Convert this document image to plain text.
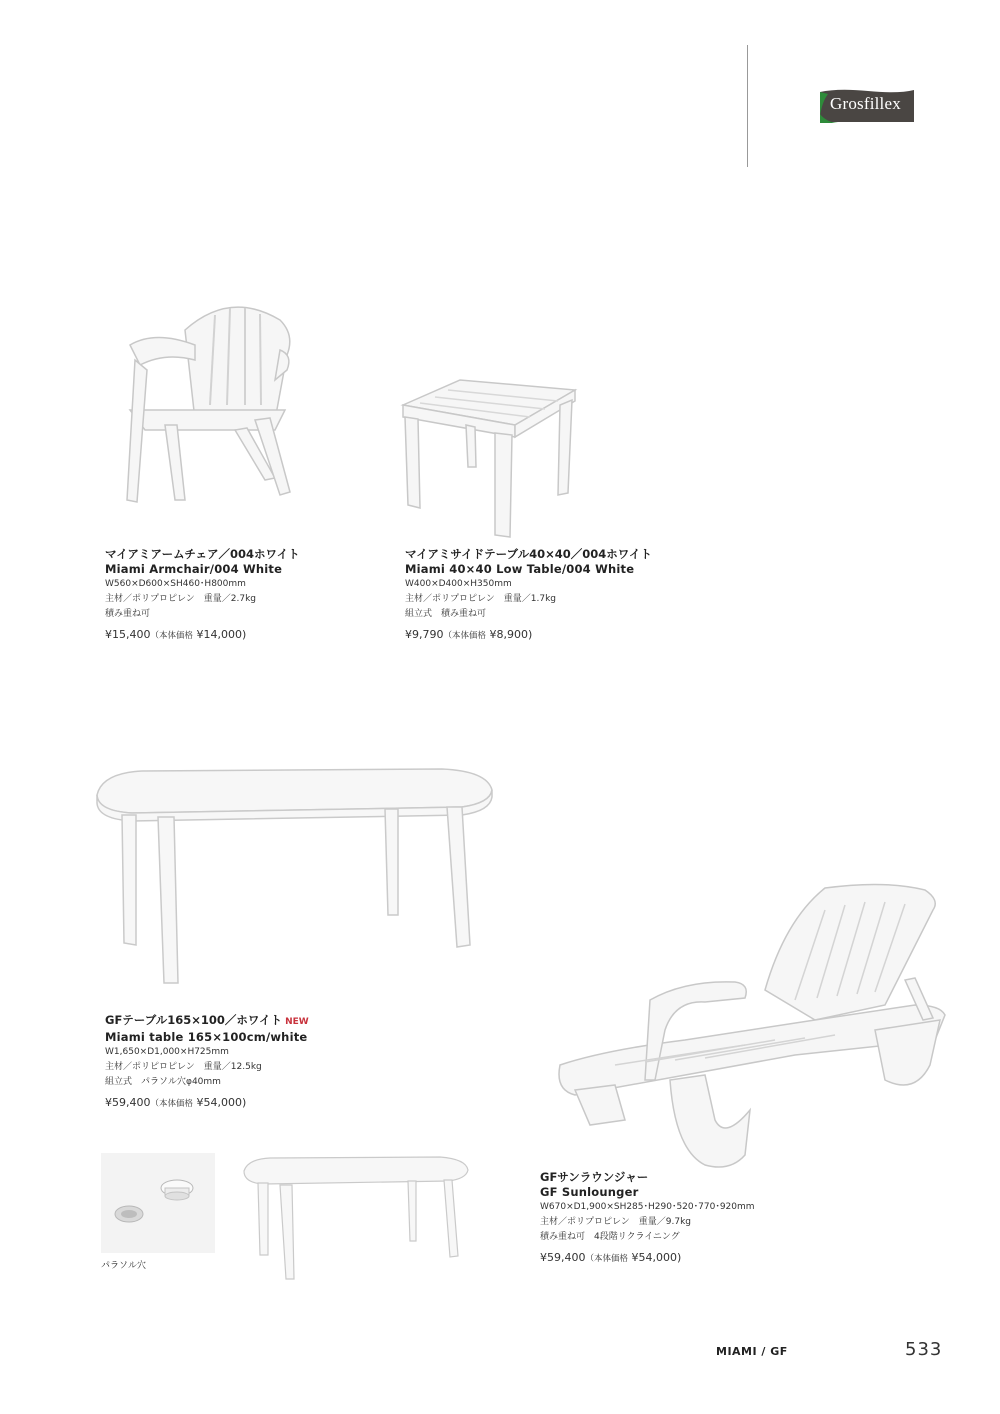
Grosfillex
マイアミアームチェア／004ホワイト
Miami Armchair/004 White
W560×D600×SH460･H800mm
主材／ポリプロピレン　重量／2.7kg
積み重ね可
¥15,400（本体価格 ¥14,000)
マイアミサイドテーブル40×40／004ホワイト
Miami 40×40 Low Table/004 White
W400×D400×H350mm
主材／ポリプロピレン　重量／1.7kg
組立式　積み重ね可
¥9,790（本体価格 ¥8,900)
GFテーブル165×100／ホワイト NEW
Miami table 165×100cm/white
W1,650×D1,000×H725mm
主材／ポリピロピレン　重量／12.5kg
組立式　パラソル穴φ40mm
¥59,400（本体価格 ¥54,000)
パラソル穴
GFサンラウンジャー
GF Sunlounger
W670×D1,900×SH285･H290･520･770･920mm
主材／ポリプロピレン　重量／9.7kg
積み重ね可　4段階リクライニング
¥59,400（本体価格 ¥54,000)
MIAMI / GF	533
